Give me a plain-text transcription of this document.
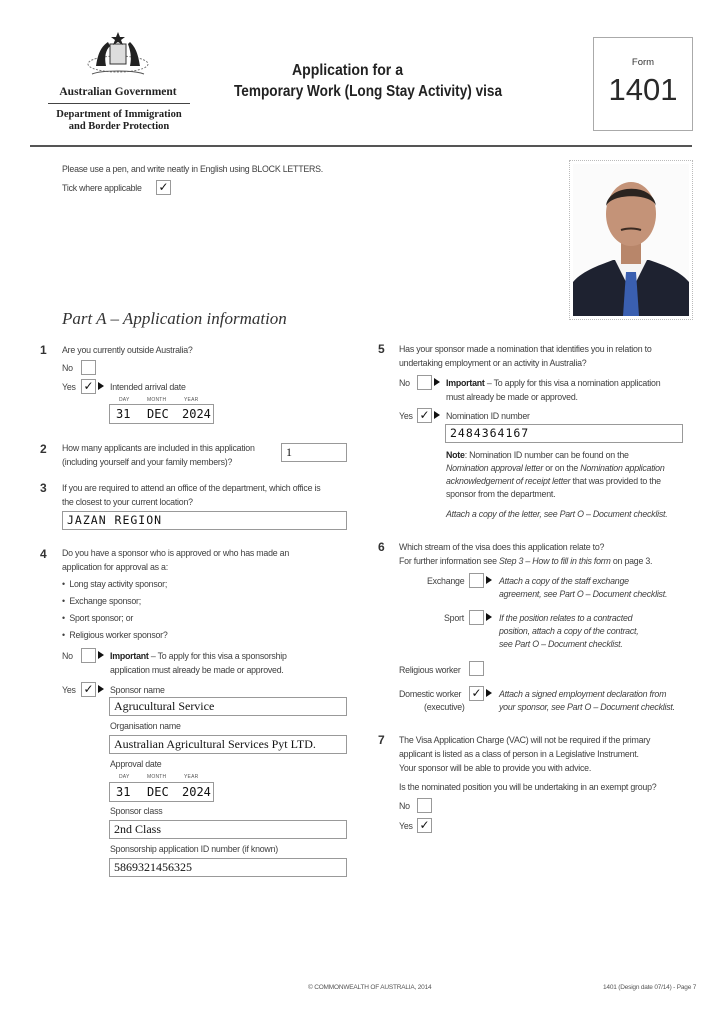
Australian Government
Department of Immigration
and Border Protection
Application for a
Temporary Work (Long Stay Activity) visa
Form
1401
Please use a pen, and write neatly in English using BLOCK LETTERS.
Tick where applicable ✓
Part A – Application information
1 Are you currently outside Australia?
No
Yes ✓ Intended arrival date
DAY	MONTH	YEAR
31 DEC 2024
2 How many applicants are included in this application
(including yourself and your family members)?
1
3 If you are required to attend an office of the department, which office is
the closest to your current location?
JAZAN REGION
4 Do you have a sponsor who is approved or who has made an
application for approval as a:
•  Long stay activity sponsor;
•  Exchange sponsor;
•  Sport sponsor; or
•  Religious worker sponsor?
No	Important – To apply for this visa a sponsorship
application must already be made or approved.
Yes ✓ Sponsor name
Agrucultural Service
Organisation name
Australian Agricultural Services Pyt LTD.
Approval date
DAY	MONTH	YEAR
31 DEC 2024
Sponsor class
2nd Class
Sponsorship application ID number (if known)
5869321456325
5 Has your sponsor made a nomination that identifies you in relation to
undertaking employment or an activity in Australia?
No	Important – To apply for this visa a nomination application
must already be made or approved.
Yes ✓ Nomination ID number
2484364167
Note: Nomination ID number can be found on the
Nomination approval letter or on the Nomination application
acknowledgement of receipt letter that was provided to the
sponsor from the department.
Attach a copy of the letter, see Part O – Document checklist.
6 Which stream of the visa does this application relate to?
For further information see Step 3 – How to fill in this form on page 3.
Exchange	Attach a copy of the staff exchange
agreement, see Part O – Document checklist.
Sport	If the position relates to a contracted
position, attach a copy of the contract,
see Part O – Document checklist.
Religious worker
Domestic worker
(executive)
✓ Attach a signed employment declaration from
your sponsor, see Part O – Document checklist.
7 The Visa Application Charge (VAC) will not be required if the primary
applicant is listed as a class of person in a Legislative Instrument.
Your sponsor will be able to provide you with advice.
Is the nominated position you will be undertaking in an exempt group?
No
Yes ✓
© COMMONWEALTH OF AUSTRALIA, 2014	1401 (Design date 07/14) - Page 7
